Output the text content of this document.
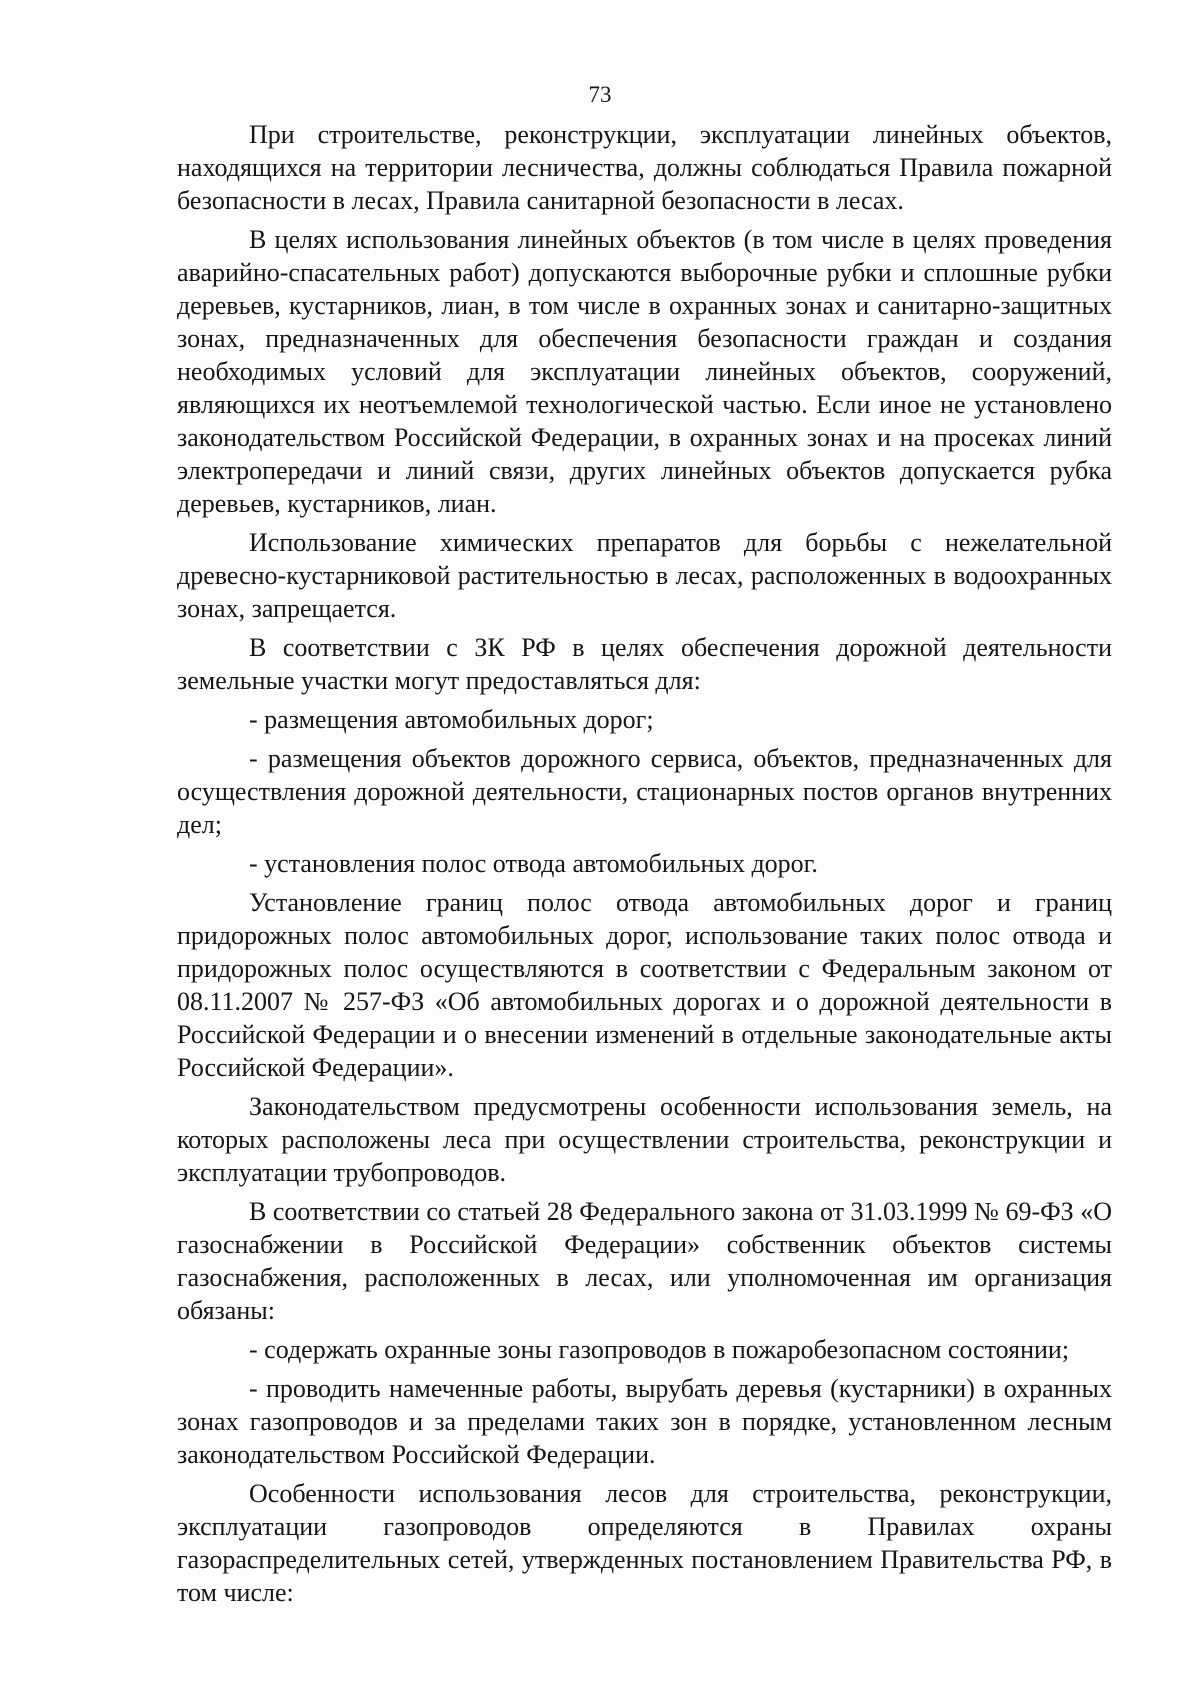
73

При строительстве, реконструкции, эксплуатации линейных объектов, находящихся на территории лесничества, должны соблюдаться Правила пожарной безопасности в лесах, Правила санитарной безопасности в лесах.

В целях использования линейных объектов (в том числе в целях проведения аварийно-спасательных работ) допускаются выборочные рубки и сплошные рубки деревьев, кустарников, лиан, в том числе в охранных зонах и санитарно-защитных зонах, предназначенных для обеспечения безопасности граждан и создания необходимых условий для эксплуатации линейных объектов, сооружений, являющихся их неотъемлемой технологической частью. Если иное не установлено законодательством Российской Федерации, в охранных зонах и на просеках линий электропередачи и линий связи, других линейных объектов допускается рубка деревьев, кустарников, лиан.

Использование химических препаратов для борьбы с нежелательной древесно-кустарниковой растительностью в лесах, расположенных в водоохранных зонах, запрещается.

В соответствии с ЗК РФ в целях обеспечения дорожной деятельности земельные участки могут предоставляться для:

- размещения автомобильных дорог;

- размещения объектов дорожного сервиса, объектов, предназначенных для осуществления дорожной деятельности, стационарных постов органов внутренних дел;

- установления полос отвода автомобильных дорог.

Установление границ полос отвода автомобильных дорог и границ придорожных полос автомобильных дорог, использование таких полос отвода и придорожных полос осуществляются в соответствии с Федеральным законом от 08.11.2007 № 257-ФЗ «Об автомобильных дорогах и о дорожной деятельности в Российской Федерации и о внесении изменений в отдельные законодательные акты Российской Федерации».

Законодательством предусмотрены особенности использования земель, на которых расположены леса при осуществлении строительства, реконструкции и эксплуатации трубопроводов.

В соответствии со статьей 28 Федерального закона от 31.03.1999 № 69-ФЗ «О газоснабжении в Российской Федерации» собственник объектов системы газоснабжения, расположенных в лесах, или уполномоченная им организация обязаны:

- содержать охранные зоны газопроводов в пожаробезопасном состоянии;

- проводить намеченные работы, вырубать деревья (кустарники) в охранных зонах газопроводов и за пределами таких зон в порядке, установленном лесным законодательством Российской Федерации.

Особенности использования лесов для строительства, реконструкции, эксплуатации газопроводов определяются в Правилах охраны газораспределительных сетей, утвержденных постановлением Правительства РФ, в том числе:
